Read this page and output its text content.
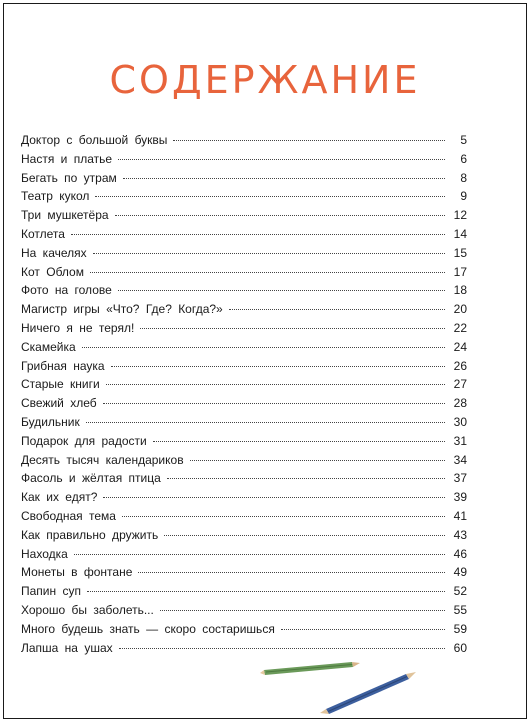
СОДЕРЖАНИЕ
Доктор с большой буквы	5
Настя и платье	6
Бегать по утрам	8
Театр кукол	9
Три мушкетёра	12
Котлета	14
На качелях	15
Кот Облом	17
Фото на голове	18
Магистр игры «Что? Где? Когда?»	20
Ничего я не терял!	22
Скамейка	24
Грибная наука	26
Старые книги	27
Свежий хлеб	28
Будильник	30
Подарок для радости	31
Десять тысяч календариков	34
Фасоль и жёлтая птица	37
Как их едят?	39
Свободная тема	41
Как правильно дружить	43
Находка	46
Монеты в фонтане	49
Папин суп	52
Хорошо бы заболеть...	55
Много будешь знать — скоро состаришься	59
Лапша на ушах	60
